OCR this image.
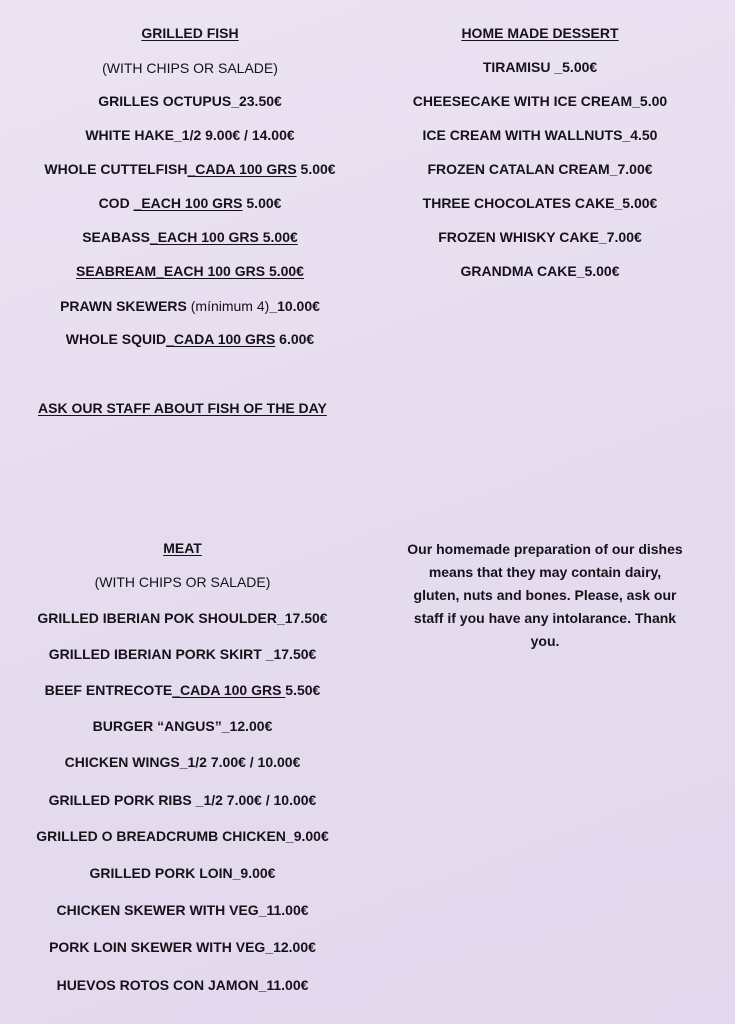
GRILLED FISH
(WITH CHIPS OR SALADE)
GRILLES OCTUPUS_23.50€
WHITE HAKE_1/2 9.00€ / 14.00€
WHOLE CUTTELFISH_CADA 100 GRS 5.00€
COD _EACH 100 GRS 5.00€
SEABASS_EACH 100 GRS 5.00€
SEABREAM_EACH 100 GRS 5.00€
PRAWN SKEWERS (mínimum 4)_10.00€
WHOLE SQUID_CADA 100 GRS 6.00€
ASK OUR STAFF ABOUT FISH OF THE DAY
HOME MADE DESSERT
TIRAMISU _5.00€
CHEESECAKE WITH ICE CREAM_5.00
ICE CREAM WITH WALLNUTS_4.50
FROZEN CATALAN CREAM_7.00€
THREE CHOCOLATES CAKE_5.00€
FROZEN WHISKY CAKE_7.00€
GRANDMA CAKE_5.00€
MEAT
(WITH CHIPS OR SALADE)
GRILLED IBERIAN POK SHOULDER_17.50€
GRILLED IBERIAN PORK SKIRT _17.50€
BEEF ENTRECOTE_CADA 100 GRS 5.50€
BURGER “ANGUS”_12.00€
CHICKEN WINGS_1/2 7.00€ / 10.00€
GRILLED PORK RIBS _1/2 7.00€ / 10.00€
GRILLED O BREADCRUMB CHICKEN_9.00€
GRILLED PORK LOIN_9.00€
CHICKEN SKEWER WITH VEG_11.00€
PORK LOIN SKEWER WITH VEG_12.00€
HUEVOS ROTOS CON JAMON_11.00€
Our homemade preparation of our dishes
means that they may contain dairy,
gluten, nuts and bones. Please, ask our
staff if you have any intolarance. Thank
you.
